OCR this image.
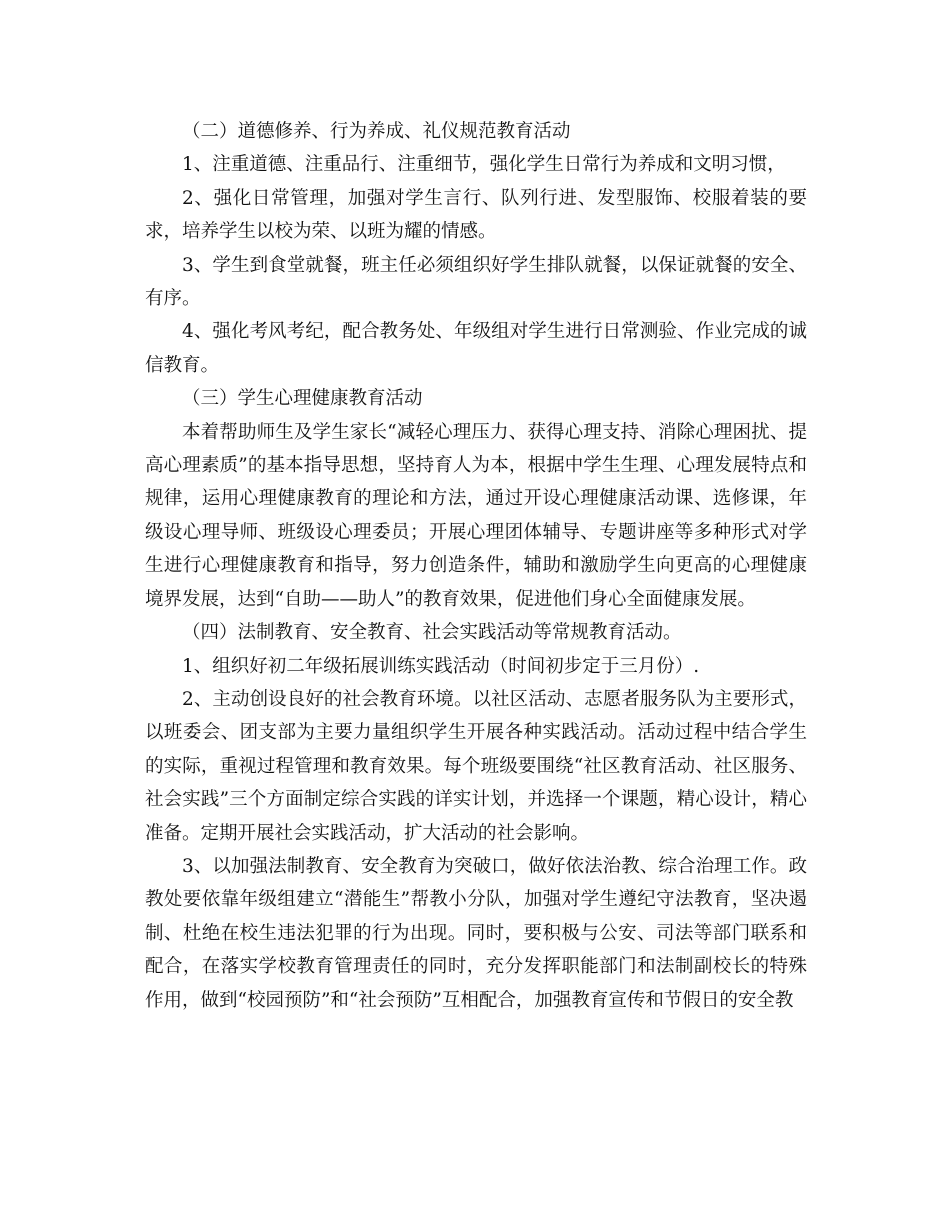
（二）道德修养、行为养成、礼仪规范教育活动

1、注重道德、注重品行、注重细节，强化学生日常行为养成和文明习惯，

2、强化日常管理，加强对学生言行、队列行进、发型服饰、校服着装的要求，培养学生以校为荣、以班为耀的情感。

3、学生到食堂就餐，班主任必须组织好学生排队就餐，以保证就餐的安全、有序。

4、强化考风考纪，配合教务处、年级组对学生进行日常测验、作业完成的诚信教育。

（三）学生心理健康教育活动

本着帮助师生及学生家长“减轻心理压力、获得心理支持、消除心理困扰、提高心理素质”的基本指导思想，坚持育人为本，根据中学生生理、心理发展特点和规律，运用心理健康教育的理论和方法，通过开设心理健康活动课、选修课，年级设心理导师、班级设心理委员；开展心理团体辅导、专题讲座等多种形式对学生进行心理健康教育和指导，努力创造条件，辅助和激励学生向更高的心理健康境界发展，达到“自助——助人”的教育效果，促进他们身心全面健康发展。

（四）法制教育、安全教育、社会实践活动等常规教育活动。

1、组织好初二年级拓展训练实践活动（时间初步定于三月份）.

2、主动创设良好的社会教育环境。以社区活动、志愿者服务队为主要形式，以班委会、团支部为主要力量组织学生开展各种实践活动。活动过程中结合学生的实际，重视过程管理和教育效果。每个班级要围绕“社区教育活动、社区服务、社会实践”三个方面制定综合实践的详实计划，并选择一个课题，精心设计，精心准备。定期开展社会实践活动，扩大活动的社会影响。

3、以加强法制教育、安全教育为突破口，做好依法治教、综合治理工作。政教处要依靠年级组建立“潜能生”帮教小分队，加强对学生遵纪守法教育，坚决遏制、杜绝在校生违法犯罪的行为出现。同时，要积极与公安、司法等部门联系和配合，在落实学校教育管理责任的同时，充分发挥职能部门和法制副校长的特殊作用，做到“校园预防”和“社会预防”互相配合，加强教育宣传和节假日的安全教
